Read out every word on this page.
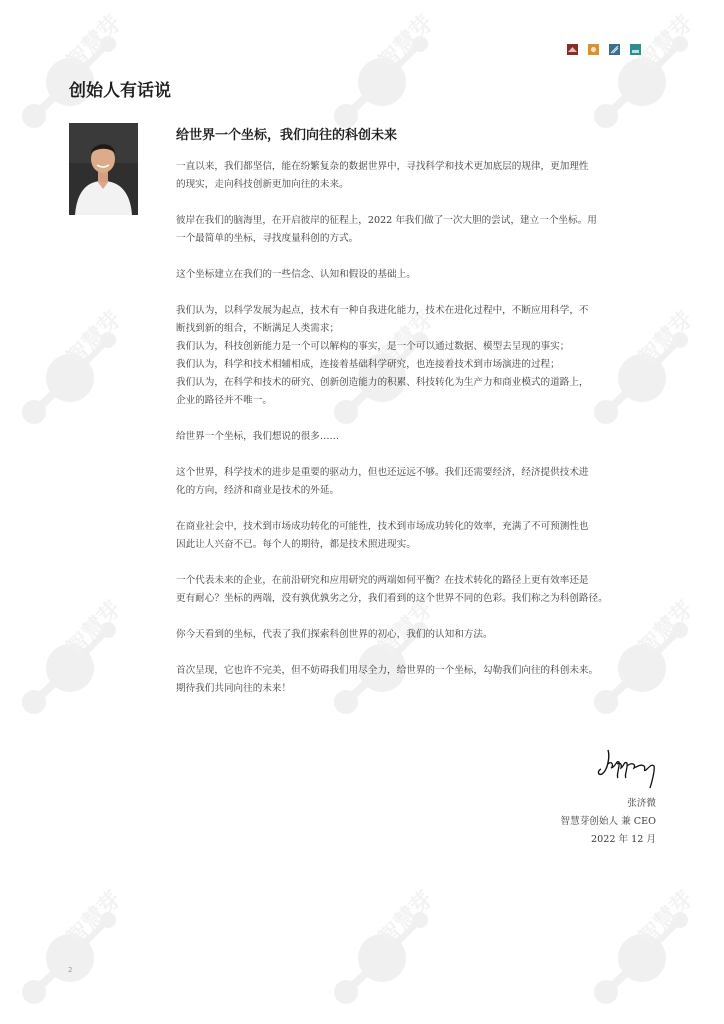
智慧芽	智慧芽	智慧芽
智慧芽	智慧芽	智慧芽
智慧芽	智慧芽	智慧芽
智慧芽	智慧芽	智慧芽
创始人有话说
给世界一个坐标，我们向往的科创未来

一直以来，我们都坚信，能在纷繁复杂的数据世界中，寻找科学和技术更加底层的规律，更加理性
的现实，走向科技创新更加向往的未来。

彼岸在我们的脑海里，在开启彼岸的征程上，2022 年我们做了一次大胆的尝试，建立一个坐标。用
一个最简单的坐标，寻找度量科创的方式。

这个坐标建立在我们的一些信念、认知和假设的基础上。

我们认为，以科学发展为起点，技术有一种自我进化能力，技术在进化过程中，不断应用科学，不
断找到新的组合，不断满足人类需求；
我们认为，科技创新能力是一个可以解构的事实，是一个可以通过数据、模型去呈现的事实；
我们认为，科学和技术相辅相成，连接着基础科学研究，也连接着技术到市场演进的过程；
我们认为，在科学和技术的研究、创新创造能力的积累、科技转化为生产力和商业模式的道路上，
企业的路径并不唯一。

给世界一个坐标，我们想说的很多……

这个世界，科学技术的进步是重要的驱动力，但也还远远不够。我们还需要经济，经济提供技术进
化的方向，经济和商业是技术的外延。

在商业社会中，技术到市场成功转化的可能性，技术到市场成功转化的效率，充满了不可预测性也
因此让人兴奋不已。每个人的期待，都是技术照进现实。

一个代表未来的企业，在前沿研究和应用研究的两端如何平衡？在技术转化的路径上更有效率还是
更有耐心？坐标的两端，没有孰优孰劣之分，我们看到的这个世界不同的色彩。我们称之为科创路径。

你今天看到的坐标，代表了我们探索科创世界的初心，我们的认知和方法。

首次呈现，它也许不完美，但不妨碍我们用尽全力，给世界的一个坐标，勾勒我们向往的科创未来。
期待我们共同向往的未来！

张济微
智慧芽创始人 兼 CEO
2022 年 12 月
2
